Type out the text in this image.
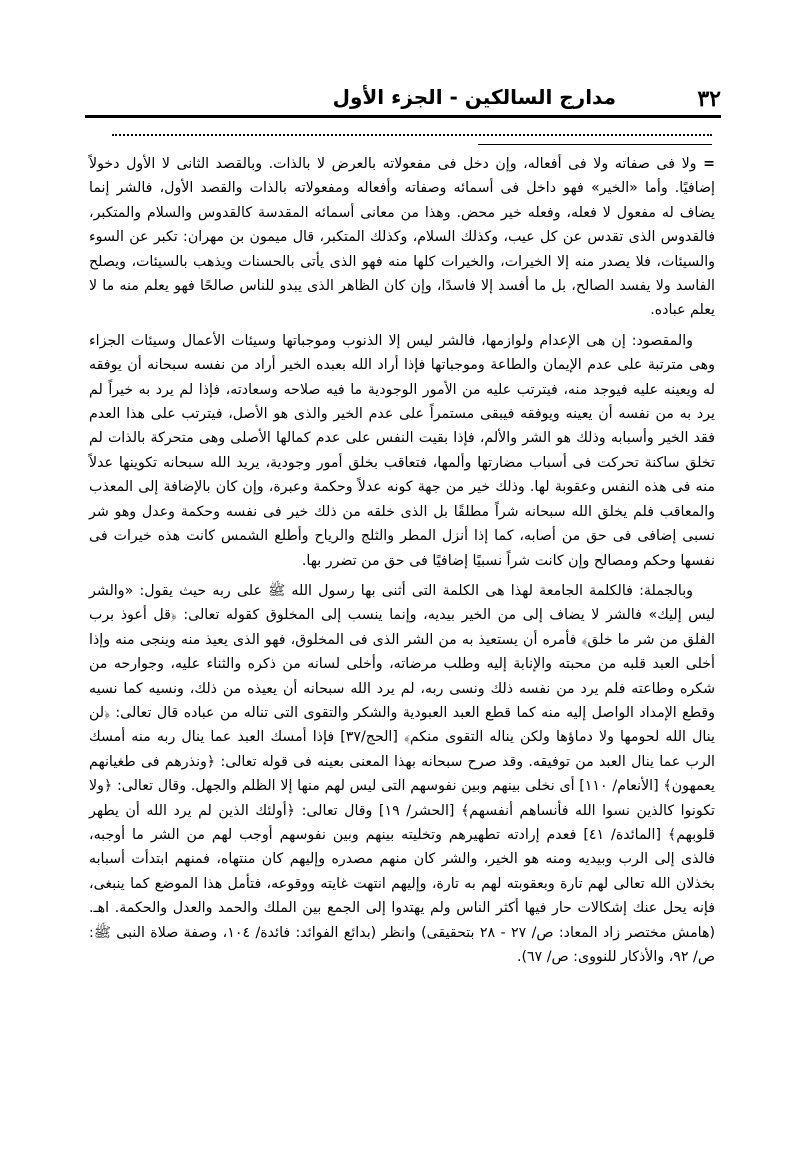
٣٢
مدارج السالكين - الجزء الأول

= ولا فى صفاته ولا فى أفعاله، وإن دخل فى مفعولاته بالعرض لا بالذات. وبالقصد الثانى لا الأول دخولاً إضافيًا. وأما «الخير» فهو داخل فى أسمائه وصفاته وأفعاله ومفعولاته بالذات والقصد الأول، فالشر إنما يضاف له مفعول لا فعله، وفعله خير محض. وهذا من معانى أسمائه المقدسة كالقدوس والسلام والمتكبر، فالقدوس الذى تقدس عن كل عيب، وكذلك السلام، وكذلك المتكبر، قال ميمون بن مهران: تكبر عن السوء والسيئات، فلا يصدر منه إلا الخيرات، والخيرات كلها منه فهو الذى يأتى بالحسنات ويذهب بالسيئات، ويصلح الفاسد ولا يفسد الصالح، بل ما أفسد إلا فاسدًا، وإن كان الظاهر الذى يبدو للناس صالحًا فهو يعلم منه ما لا يعلم عباده.

والمقصود: إن هى الإعدام ولوازمها، فالشر ليس إلا الذنوب وموجباتها وسيئات الأعمال وسيئات الجزاء وهى مترتبة على عدم الإيمان والطاعة وموجباتها فإذا أراد الله بعبده الخير أراد من نفسه سبحانه أن يوفقه له ويعينه عليه فيوجد منه، فيترتب عليه من الأمور الوجودية ما فيه صلاحه وسعادته، فإذا لم يرد به خيراً لم يرد به من نفسه أن يعينه ويوفقه فيبقى مستمراً على عدم الخير والذى هو الأصل، فيترتب على هذا العدم فقد الخير وأسبابه وذلك هو الشر والألم، فإذا بقيت النفس على عدم كمالها الأصلى وهى متحركة بالذات لم تخلق ساكنة تحركت فى أسباب مضارتها وألمها، فتعاقب بخلق أمور وجودية، يريد الله سبحانه تكوينها عدلاً منه فى هذه النفس وعقوبة لها. وذلك خير من جهة كونه عدلاً وحكمة وعبرة، وإن كان بالإضافة إلى المعذب والمعاقب فلم يخلق الله سبحانه شراً مطلقًا بل الذى خلقه من ذلك خير فى نفسه وحكمة وعدل وهو شر نسبى إضافى فى حق من أصابه، كما إذا أنزل المطر والثلج والرياح وأطلع الشمس كانت هذه خيرات فى نفسها وحكم ومصالح وإن كانت شراً نسبيًا إضافيًا فى حق من تضرر بها.

وبالجملة: فالكلمة الجامعة لهذا هى الكلمة التى أثنى بها رسول الله ﷺ على ربه حيث يقول: «والشر ليس إليك» فالشر لا يضاف إلى من الخير بيديه، وإنما ينسب إلى المخلوق كقوله تعالى: ﴿قل أعوذ برب الفلق من شر ما خلق﴾ فأمره أن يستعيذ به من الشر الذى فى المخلوق، فهو الذى يعيذ منه وينجى منه وإذا أخلى العبد قلبه من محبته والإنابة إليه وطلب مرضاته، وأخلى لسانه من ذكره والثناء عليه، وجوارحه من شكره وطاعته فلم يرد من نفسه ذلك ونسى ربه، لم يرد الله سبحانه أن يعيذه من ذلك، ونسيه كما نسيه وقطع الإمداد الواصل إليه منه كما قطع العبد العبودية والشكر والتقوى التى تناله من عباده قال تعالى: ﴿لن ينال الله لحومها ولا دماؤها ولكن يناله التقوى منكم﴾ [الحج/٣٧] فإذا أمسك العبد عما ينال ربه منه أمسك الرب عما ينال العبد من توفيقه. وقد صرح سبحانه بهذا المعنى بعينه فى قوله تعالى: ﴿ونذرهم فى طغيانهم يعمهون﴾ [الأنعام/ ١١٠] أى نخلى بينهم وبين نفوسهم التى ليس لهم منها إلا الظلم والجهل. وقال تعالى: ﴿ولا تكونوا كالذين نسوا الله فأنساهم أنفسهم﴾ [الحشر/ ١٩] وقال تعالى: ﴿أولئك الذين لم يرد الله أن يطهر قلوبهم﴾ [المائدة/ ٤١] فعدم إرادته تطهيرهم وتخليته بينهم وبين نفوسهم أوجب لهم من الشر ما أوجبه، فالذى إلى الرب وبيديه ومنه هو الخير، والشر كان منهم مصدره وإليهم كان منتهاه، فمنهم ابتدأت أسبابه بخذلان الله تعالى لهم تارة وبعقوبته لهم به تارة، وإليهم انتهت غايته ووقوعه، فتأمل هذا الموضع كما ينبغى، فإنه يحل عنك إشكالات حار فيها أكثر الناس ولم يهتدوا إلى الجمع بين الملك والحمد والعدل والحكمة. اهـ. (هامش مختصر زاد المعاد: ص/ ٢٧ - ٢٨ بتحقيقى) وانظر (بدائع الفوائد: فائدة/ ١٠٤، وصفة صلاة النبى ﷺ: ص/ ٩٢، والأذكار للنووى: ص/ ٦٧).
